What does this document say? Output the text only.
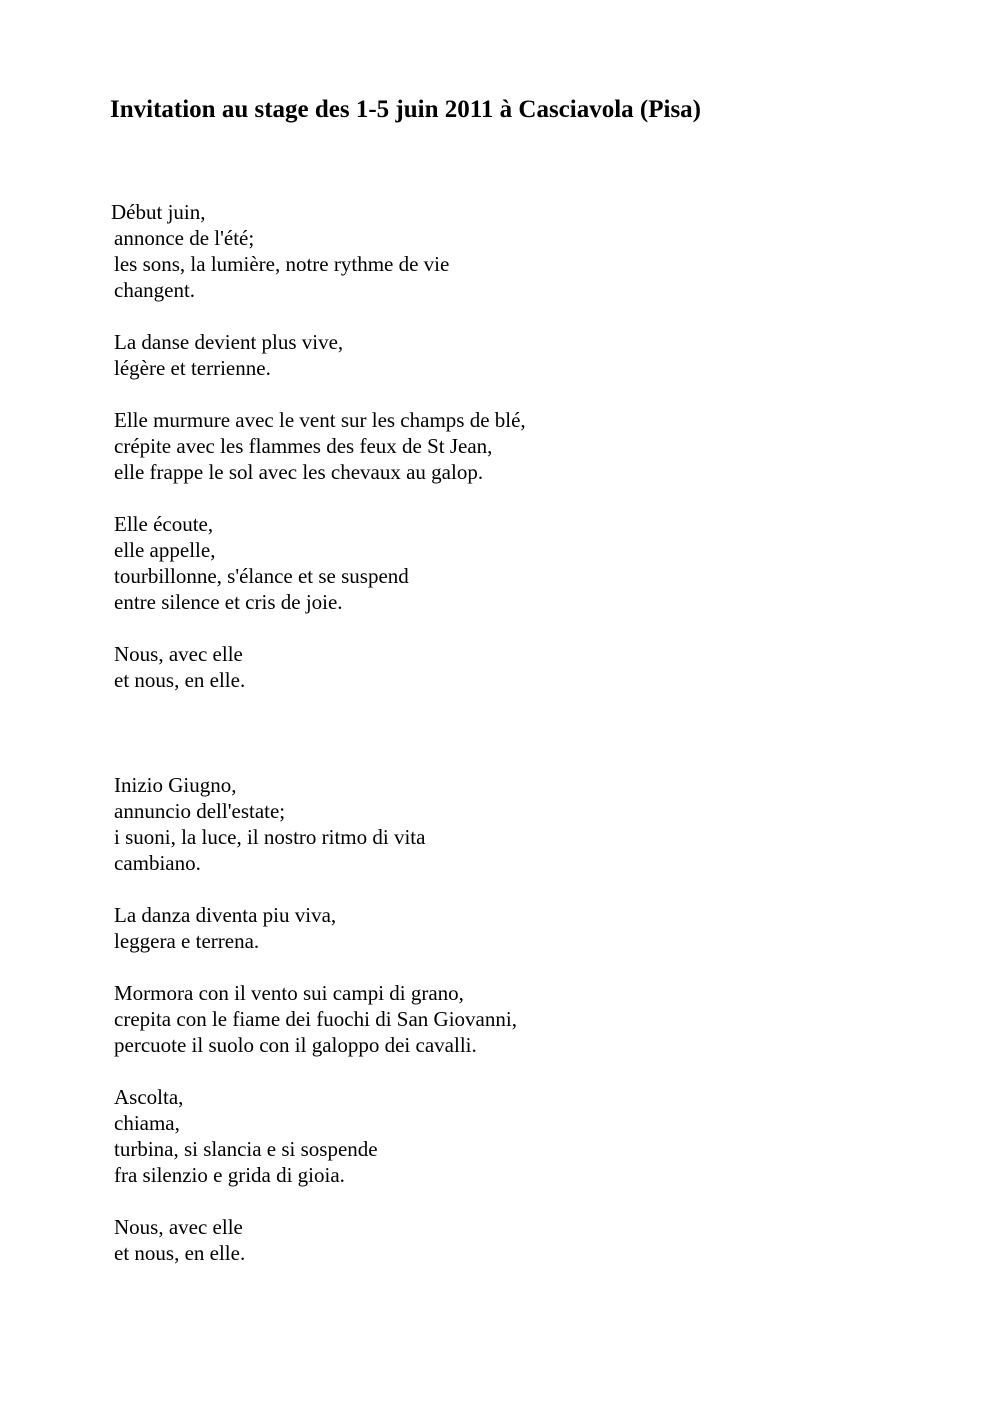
Invitation au stage des 1-5 juin 2011 à Casciavola (Pisa)
Début juin,
annonce de l'été;
les sons, la lumière, notre rythme de vie
changent.
La danse devient plus vive,
légère et terrienne.
Elle murmure avec le vent sur les champs de blé,
crépite avec les flammes des feux de St Jean,
elle frappe le sol avec les chevaux au galop.
Elle écoute,
elle appelle,
tourbillonne, s'élance et se suspend
entre silence et cris de joie.
Nous, avec elle
et nous, en elle.
Inizio Giugno,
annuncio dell'estate;
i suoni, la luce, il nostro ritmo di vita
cambiano.
La danza diventa piu viva,
leggera e terrena.
Mormora con il vento sui campi di grano,
crepita con le fiame dei fuochi di San Giovanni,
percuote il suolo con il galoppo dei cavalli.
Ascolta,
chiama,
turbina, si slancia e si sospende
fra silenzio e grida di gioia.
Nous, avec elle
et nous, en elle.
